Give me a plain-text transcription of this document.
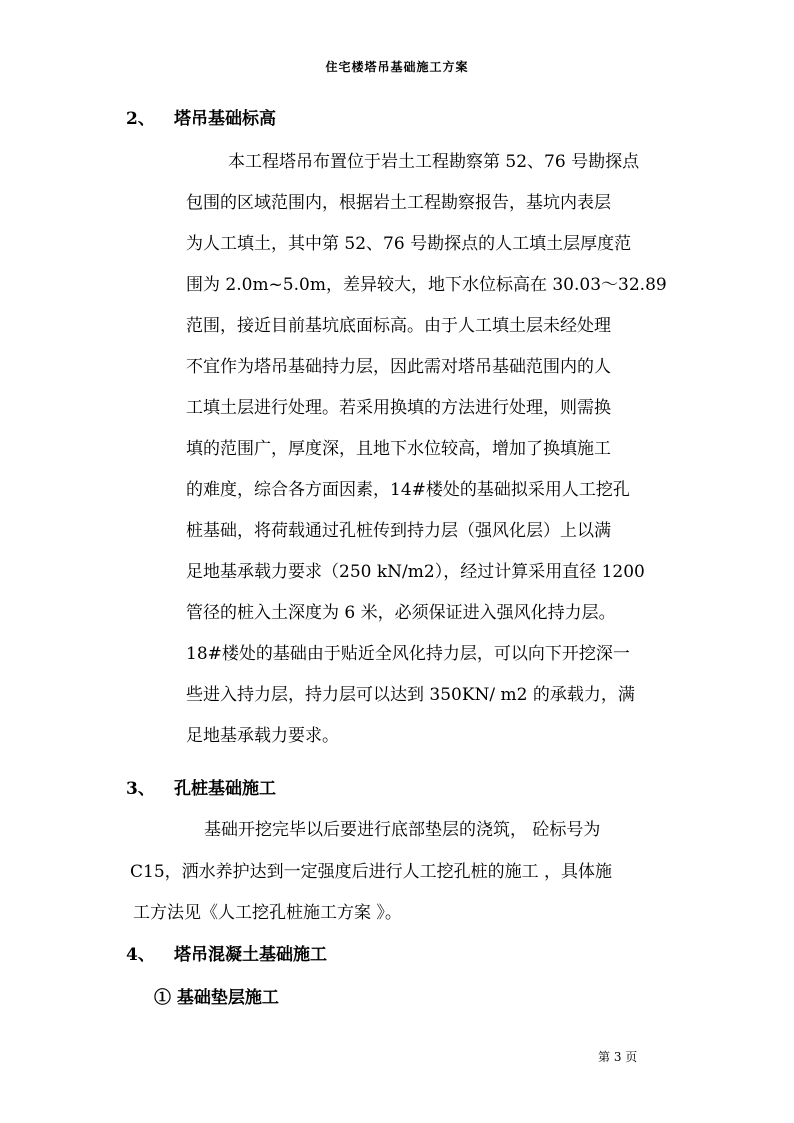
住宅楼塔吊基础施工方案
2、 塔吊基础标高
本工程塔吊布置位于岩土工程勘察第 52、76 号勘探点
包围的区域范围内，根据岩土工程勘察报告，基坑内表层
为人工填土，其中第 52、76 号勘探点的人工填土层厚度范
围为 2.0m~5.0m，差异较大，地下水位标高在 30.03～32.89
范围，接近目前基坑底面标高。由于人工填土层未经处理
不宜作为塔吊基础持力层，因此需对塔吊基础范围内的人
工填土层进行处理。若采用换填的方法进行处理，则需换
填的范围广，厚度深，且地下水位较高，增加了换填施工
的难度，综合各方面因素，14#楼处的基础拟采用人工挖孔
桩基础，将荷载通过孔桩传到持力层（强风化层）上以满
足地基承载力要求（250 kN/m2），经过计算采用直径 1200
管径的桩入土深度为 6 米，必须保证进入强风化持力层。
18#楼处的基础由于贴近全风化持力层，可以向下开挖深一
些进入持力层，持力层可以达到 350KN/ m2 的承载力，满
足地基承载力要求。
3、 孔桩基础施工
基础开挖完毕以后要进行底部垫层的浇筑， 砼标号为
C15，洒水养护达到一定强度后进行人工挖孔桩的施工 ，具体施
工方法见《人工挖孔桩施工方案 》。
4、 塔吊混凝土基础施工
① 基础垫层施工
第 3 页
